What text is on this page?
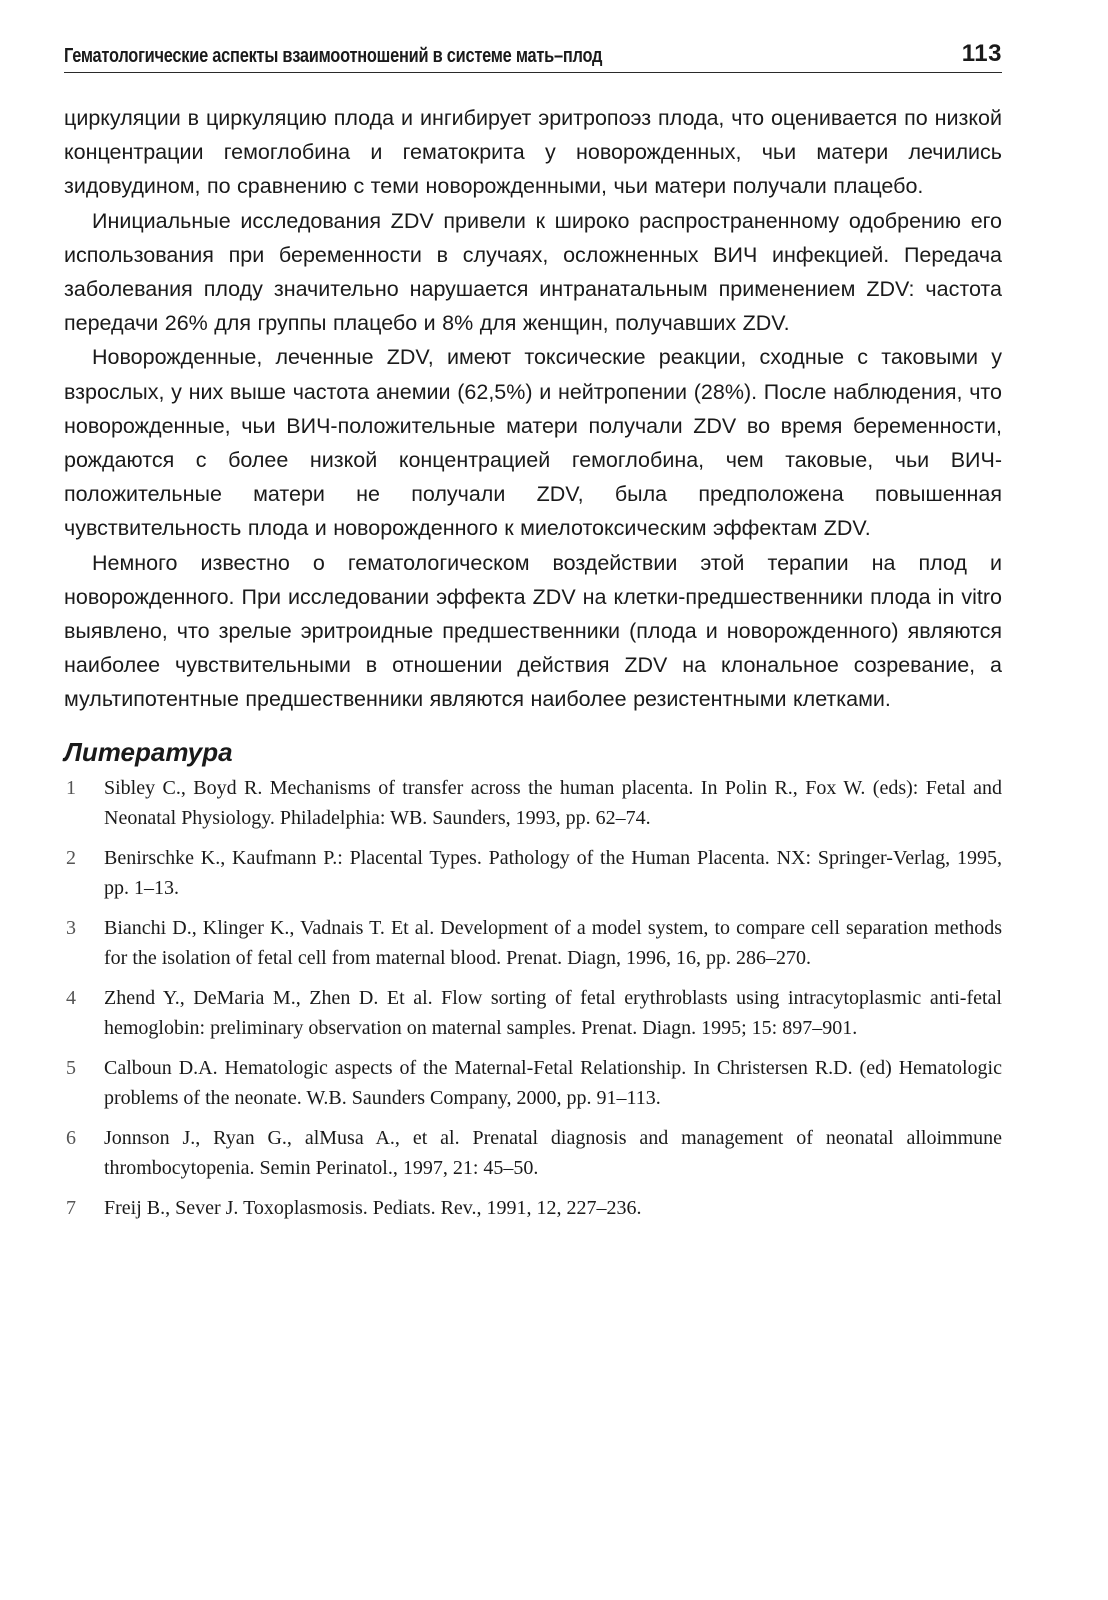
Гематологические аспекты взаимоотношений в системе мать–плод	113

циркуляции в циркуляцию плода и ингибирует эритропоэз плода, что оценивается по низкой концентрации гемоглобина и гематокрита у новорожденных, чьи матери лечились зидовудином, по сравнению с теми новорожденными, чьи матери получали плацебо.

Инициальные исследования ZDV привели к широко распространенному одобрению его использования при беременности в случаях, осложненных ВИЧ инфекцией. Передача заболевания плоду значительно нарушается интранатальным применением ZDV: частота передачи 26% для группы плацебо и 8% для женщин, получавших ZDV.

Новорожденные, леченные ZDV, имеют токсические реакции, сходные с таковыми у взрослых, у них выше частота анемии (62,5%) и нейтропении (28%). После наблюдения, что новорожденные, чьи ВИЧ-положительные матери получали ZDV во время беременности, рождаются с более низкой концентрацией гемоглобина, чем таковые, чьи ВИЧ-положительные матери не получали ZDV, была предположена повышенная чувствительность плода и новорожденного к миелотоксическим эффектам ZDV.

Немного известно о гематологическом воздействии этой терапии на плод и новорожденного. При исследовании эффекта ZDV на клетки-предшественники плода in vitro выявлено, что зрелые эритроидные предшественники (плода и новорожденного) являются наиболее чувствительными в отношении действия ZDV на клональное созревание, а мультипотентные предшественники являются наиболее резистентными клетками.

Литература
1	Sibley C., Boyd R. Mechanisms of transfer across the human placenta. In Polin R., Fox W. (eds): Fetal and Neonatal Physiology. Philadelphia: WB. Saunders, 1993, pp. 62–74.
2	Benirschke K., Kaufmann P.: Placental Types. Pathology of the Human Placenta. NX: Springer-Verlag, 1995, pp. 1–13.
3	Bianchi D., Klinger K., Vadnais T. Et al. Development of a model system, to compare cell separation methods for the isolation of fetal cell from maternal blood. Prenat. Diagn, 1996, 16, pp. 286–270.
4	Zhend Y., DeMaria M., Zhen D. Et al. Flow sorting of fetal erythroblasts using intracytoplasmic anti-fetal hemoglobin: preliminary observation on maternal samples. Prenat. Diagn. 1995; 15: 897–901.
5	Calboun D.A. Hematologic aspects of the Maternal-Fetal Relationship. In Christersen R.D. (ed) Hematologic problems of the neonate. W.B. Saunders Company, 2000, pp. 91–113.
6	Jonnson J., Ryan G., alMusa A., et al. Prenatal diagnosis and management of neonatal alloimmune thrombocytopenia. Semin Perinatol., 1997, 21: 45–50.
7	Freij B., Sever J. Toxoplasmosis. Pediats. Rev., 1991, 12, 227–236.
